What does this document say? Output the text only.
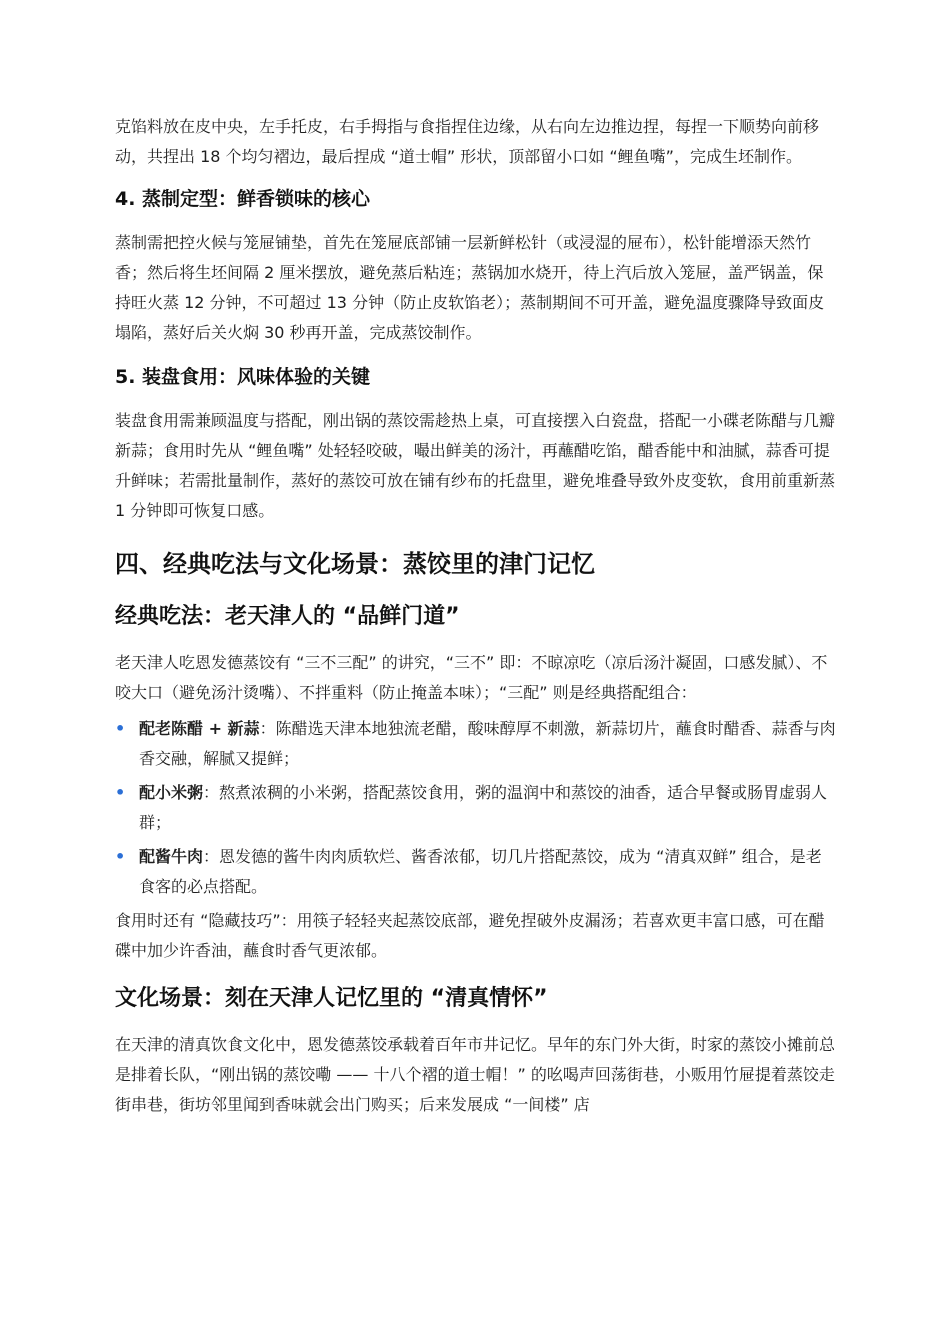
克馅料放在皮中央，左手托皮，右手拇指与食指捏住边缘，从右向左边推边捏，每捏一下顺势向前移动，共捏出 18 个均匀褶边，最后捏成 “道士帽” 形状，顶部留小口如 “鲤鱼嘴”，完成生坯制作。

4. 蒸制定型：鲜香锁味的核心

蒸制需把控火候与笼屉铺垫，首先在笼屉底部铺一层新鲜松针（或浸湿的屉布），松针能增添天然竹香；然后将生坯间隔 2 厘米摆放，避免蒸后粘连；蒸锅加水烧开，待上汽后放入笼屉，盖严锅盖，保持旺火蒸 12 分钟，不可超过 13 分钟（防止皮软馅老）；蒸制期间不可开盖，避免温度骤降导致面皮塌陷，蒸好后关火焖 30 秒再开盖，完成蒸饺制作。

5. 装盘食用：风味体验的关键

装盘食用需兼顾温度与搭配，刚出锅的蒸饺需趁热上桌，可直接摆入白瓷盘，搭配一小碟老陈醋与几瓣新蒜；食用时先从 “鲤鱼嘴” 处轻轻咬破，嘬出鲜美的汤汁，再蘸醋吃馅，醋香能中和油腻，蒜香可提升鲜味；若需批量制作，蒸好的蒸饺可放在铺有纱布的托盘里，避免堆叠导致外皮变软，食用前重新蒸 1 分钟即可恢复口感。

四、经典吃法与文化场景：蒸饺里的津门记忆
经典吃法：老天津人的 “品鲜门道”

老天津人吃恩发德蒸饺有 “三不三配” 的讲究，“三不” 即：不晾凉吃（凉后汤汁凝固，口感发腻）、不咬大口（避免汤汁烫嘴）、不拌重料（防止掩盖本味）；“三配” 则是经典搭配组合：

• 配老陈醋 + 新蒜：陈醋选天津本地独流老醋，酸味醇厚不刺激，新蒜切片，蘸食时醋香、蒜香与肉香交融，解腻又提鲜；
• 配小米粥：熬煮浓稠的小米粥，搭配蒸饺食用，粥的温润中和蒸饺的油香，适合早餐或肠胃虚弱人群；
• 配酱牛肉：恩发德的酱牛肉肉质软烂、酱香浓郁，切几片搭配蒸饺，成为 “清真双鲜” 组合，是老食客的必点搭配。

食用时还有 “隐藏技巧”：用筷子轻轻夹起蒸饺底部，避免捏破外皮漏汤；若喜欢更丰富口感，可在醋碟中加少许香油，蘸食时香气更浓郁。

文化场景：刻在天津人记忆里的 “清真情怀”

在天津的清真饮食文化中，恩发德蒸饺承载着百年市井记忆。早年的东门外大街，时家的蒸饺小摊前总是排着长队，“刚出锅的蒸饺嘞 —— 十八个褶的道士帽！” 的吆喝声回荡街巷，小贩用竹屉提着蒸饺走街串巷，街坊邻里闻到香味就会出门购买；后来发展成 “一间楼” 店
